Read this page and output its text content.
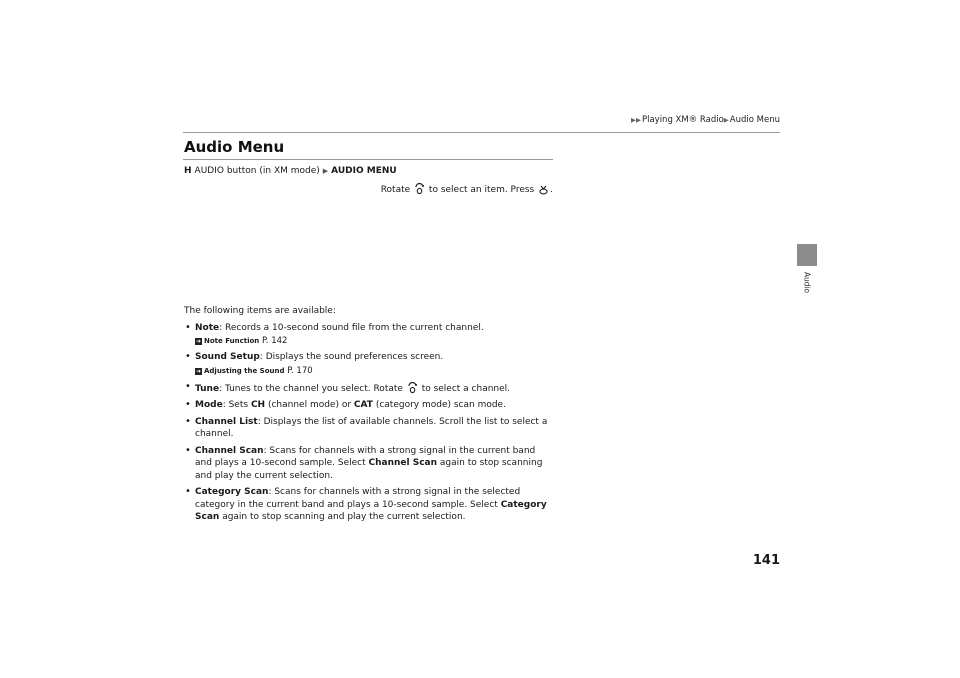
▶▶Playing XM® Radio▶Audio Menu
Audio Menu
H AUDIO button (in XM mode) ▶ AUDIO MENU
Rotate to select an item. Press .
Audio

The following items are available:

• Note: Records a 10-second sound file from the current channel.
➜ Note Function P. 142
• Sound Setup: Displays the sound preferences screen.
➜ Adjusting the Sound P. 170
• Tune: Tunes to the channel you select. Rotate to select a channel.
• Mode: Sets CH (channel mode) or CAT (category mode) scan mode.
• Channel List: Displays the list of available channels. Scroll the list to select a channel.
• Channel Scan: Scans for channels with a strong signal in the current band and plays a 10-second sample. Select Channel Scan again to stop scanning and play the current selection.
• Category Scan: Scans for channels with a strong signal in the selected category in the current band and plays a 10-second sample. Select Category Scan again to stop scanning and play the current selection.
141
